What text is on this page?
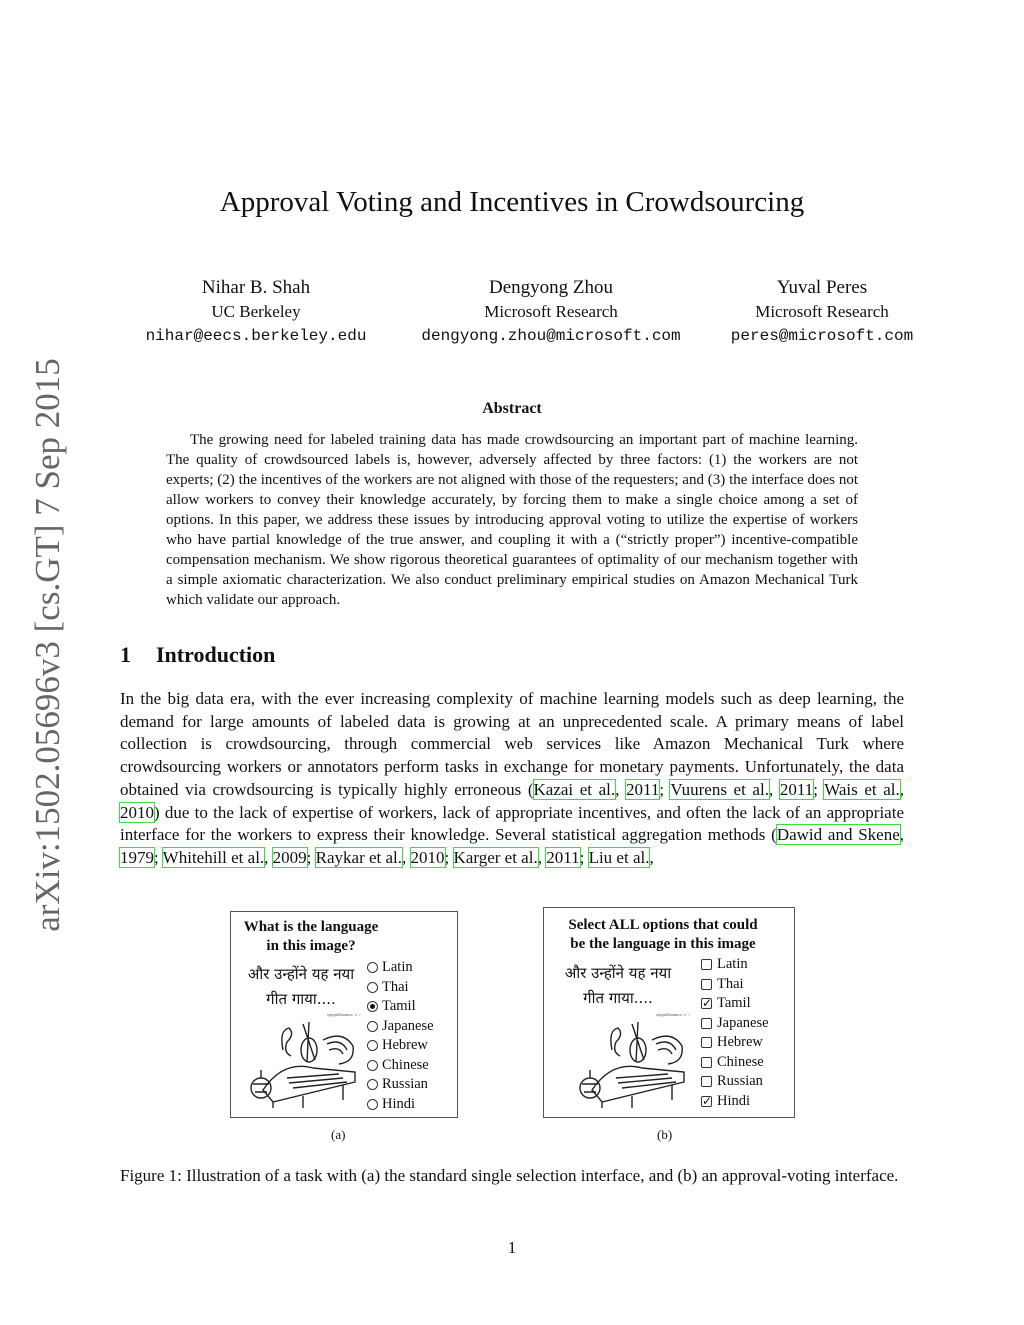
arXiv:1502.05696v3 [cs.GT] 7 Sep 2015
Approval Voting and Incentives in Crowdsourcing
Nihar B. Shah
UC Berkeley
nihar@eecs.berkeley.edu
Dengyong Zhou
Microsoft Research
dengyong.zhou@microsoft.com
Yuval Peres
Microsoft Research
peres@microsoft.com
Abstract

The growing need for labeled training data has made crowdsourcing an important part of machine learning. The quality of crowdsourced labels is, however, adversely affected by three factors: (1) the workers are not experts; (2) the incentives of the workers are not aligned with those of the requesters; and (3) the interface does not allow workers to convey their knowledge accurately, by forcing them to make a single choice among a set of options. In this paper, we address these issues by introducing approval voting to utilize the expertise of workers who have partial knowledge of the true answer, and coupling it with a (“strictly proper”) incentive-compatible compensation mechanism. We show rigorous theoretical guarantees of optimality of our mechanism together with a simple axiomatic characterization. We also conduct preliminary empirical studies on Amazon Mechanical Turk which validate our approach.

1 Introduction

In the big data era, with the ever increasing complexity of machine learning models such as deep learning, the demand for large amounts of labeled data is growing at an unprecedented scale. A primary means of label collection is crowdsourcing, through commercial web services like Amazon Mechanical Turk where crowdsourcing workers or annotators perform tasks in exchange for monetary payments. Unfortunately, the data obtained via crowdsourcing is typically highly erroneous (Kazai et al., 2011; Vuurens et al., 2011; Wais et al., 2010) due to the lack of expertise of workers, lack of appropriate incentives, and often the lack of an appropriate interface for the workers to express their knowledge. Several statistical aggregation methods (Dawid and Skene, 1979; Whitehill et al., 2009; Raykar et al., 2010; Karger et al., 2011; Liu et al.,

What is the language
in this image?
और उन्होंने यह नया
गीत गाया....
ajaypslibonance. c/ >
Latin
Thai
Tamil
Japanese
Hebrew
Chinese
Russian
Hindi
(a)
Select ALL options that could
be the language in this image
और उन्होंने यह नया
गीत गाया....
ajaypslibonance. c/ >
Latin
Thai
✓ Tamil
Japanese
Hebrew
Chinese
Russian
✓ Hindi
(b)

Figure 1: Illustration of a task with (a) the standard single selection interface, and (b) an approval-voting interface.

1
